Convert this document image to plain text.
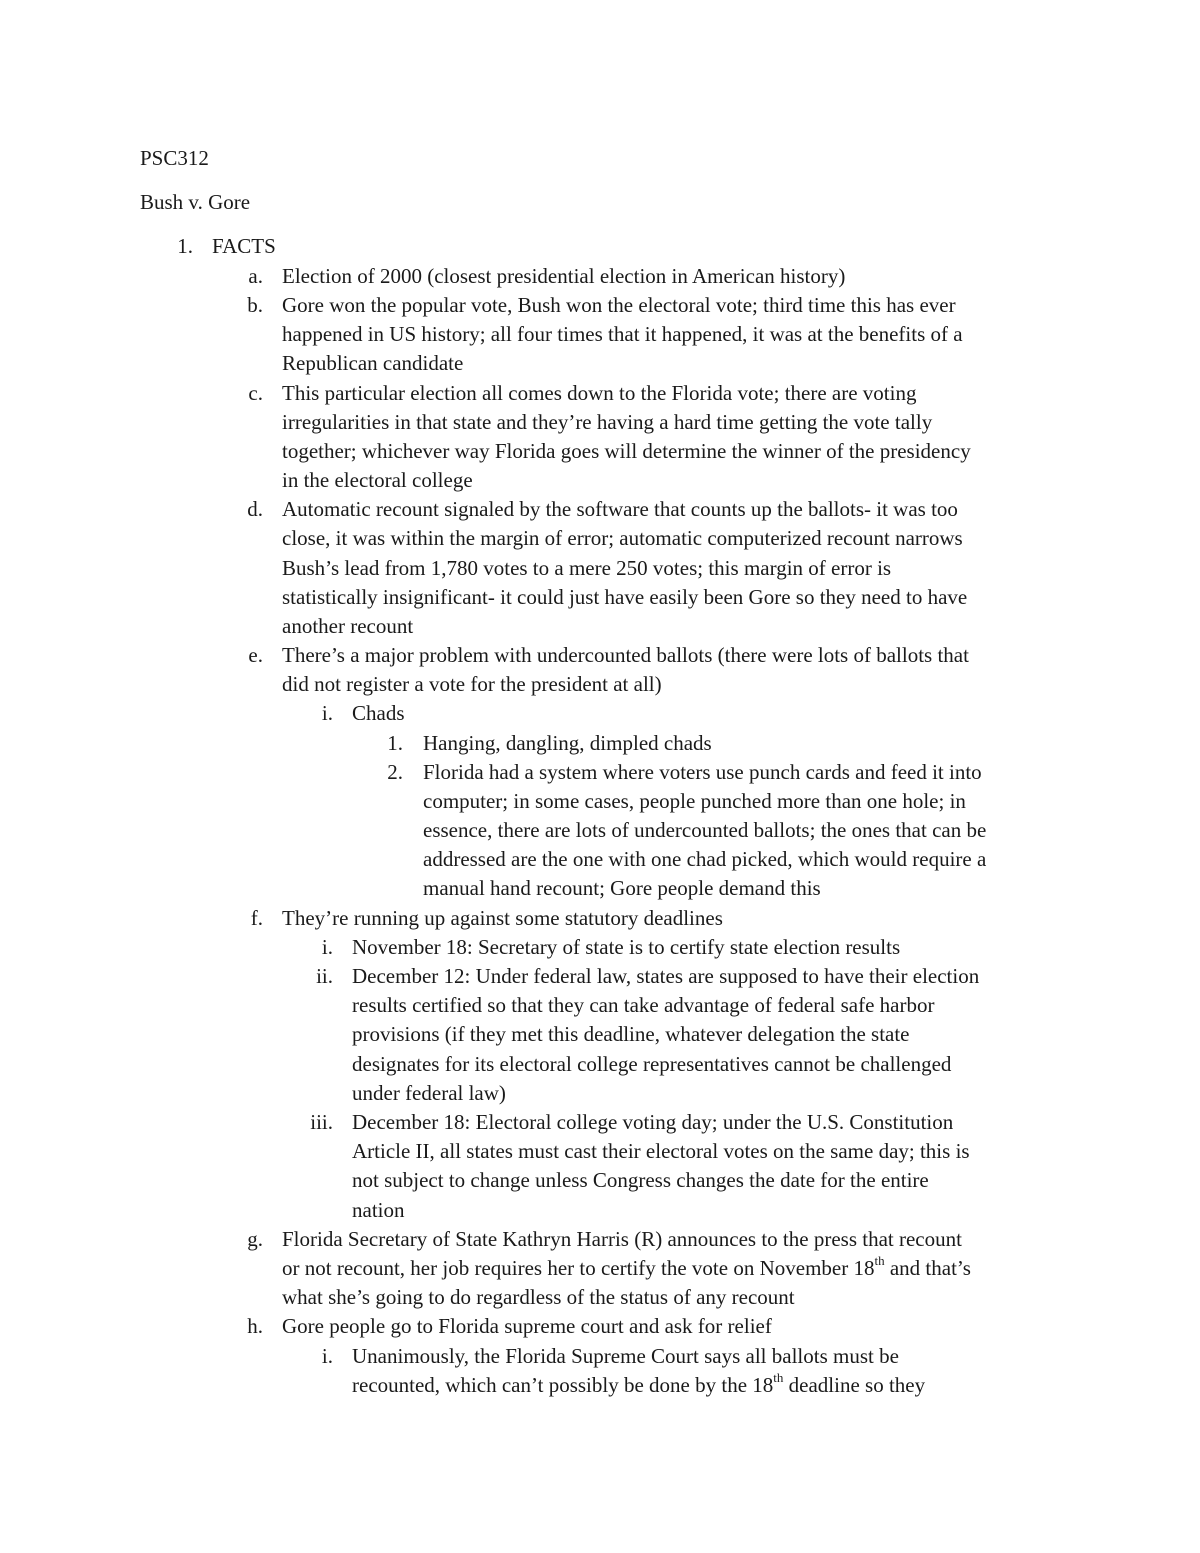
PSC312
Bush v. Gore
1. FACTS
a. Election of 2000 (closest presidential election in American history)
b. Gore won the popular vote, Bush won the electoral vote; third time this has ever
happened in US history; all four times that it happened, it was at the benefits of a
Republican candidate
c. This particular election all comes down to the Florida vote; there are voting
irregularities in that state and they’re having a hard time getting the vote tally
together; whichever way Florida goes will determine the winner of the presidency
in the electoral college
d. Automatic recount signaled by the software that counts up the ballots- it was too
close, it was within the margin of error; automatic computerized recount narrows
Bush’s lead from 1,780 votes to a mere 250 votes; this margin of error is
statistically insignificant- it could just have easily been Gore so they need to have
another recount
e. There’s a major problem with undercounted ballots (there were lots of ballots that
did not register a vote for the president at all)
i. Chads
1. Hanging, dangling, dimpled chads
2. Florida had a system where voters use punch cards and feed it into
computer; in some cases, people punched more than one hole; in
essence, there are lots of undercounted ballots; the ones that can be
addressed are the one with one chad picked, which would require a
manual hand recount; Gore people demand this
f. They’re running up against some statutory deadlines
i. November 18: Secretary of state is to certify state election results
ii. December 12: Under federal law, states are supposed to have their election
results certified so that they can take advantage of federal safe harbor
provisions (if they met this deadline, whatever delegation the state
designates for its electoral college representatives cannot be challenged
under federal law)
iii. December 18: Electoral college voting day; under the U.S. Constitution
Article II, all states must cast their electoral votes on the same day; this is
not subject to change unless Congress changes the date for the entire
nation
g. Florida Secretary of State Kathryn Harris (R) announces to the press that recount
or not recount, her job requires her to certify the vote on November 18th and that’s
what she’s going to do regardless of the status of any recount
h. Gore people go to Florida supreme court and ask for relief
i. Unanimously, the Florida Supreme Court says all ballots must be
recounted, which can’t possibly be done by the 18th deadline so they
